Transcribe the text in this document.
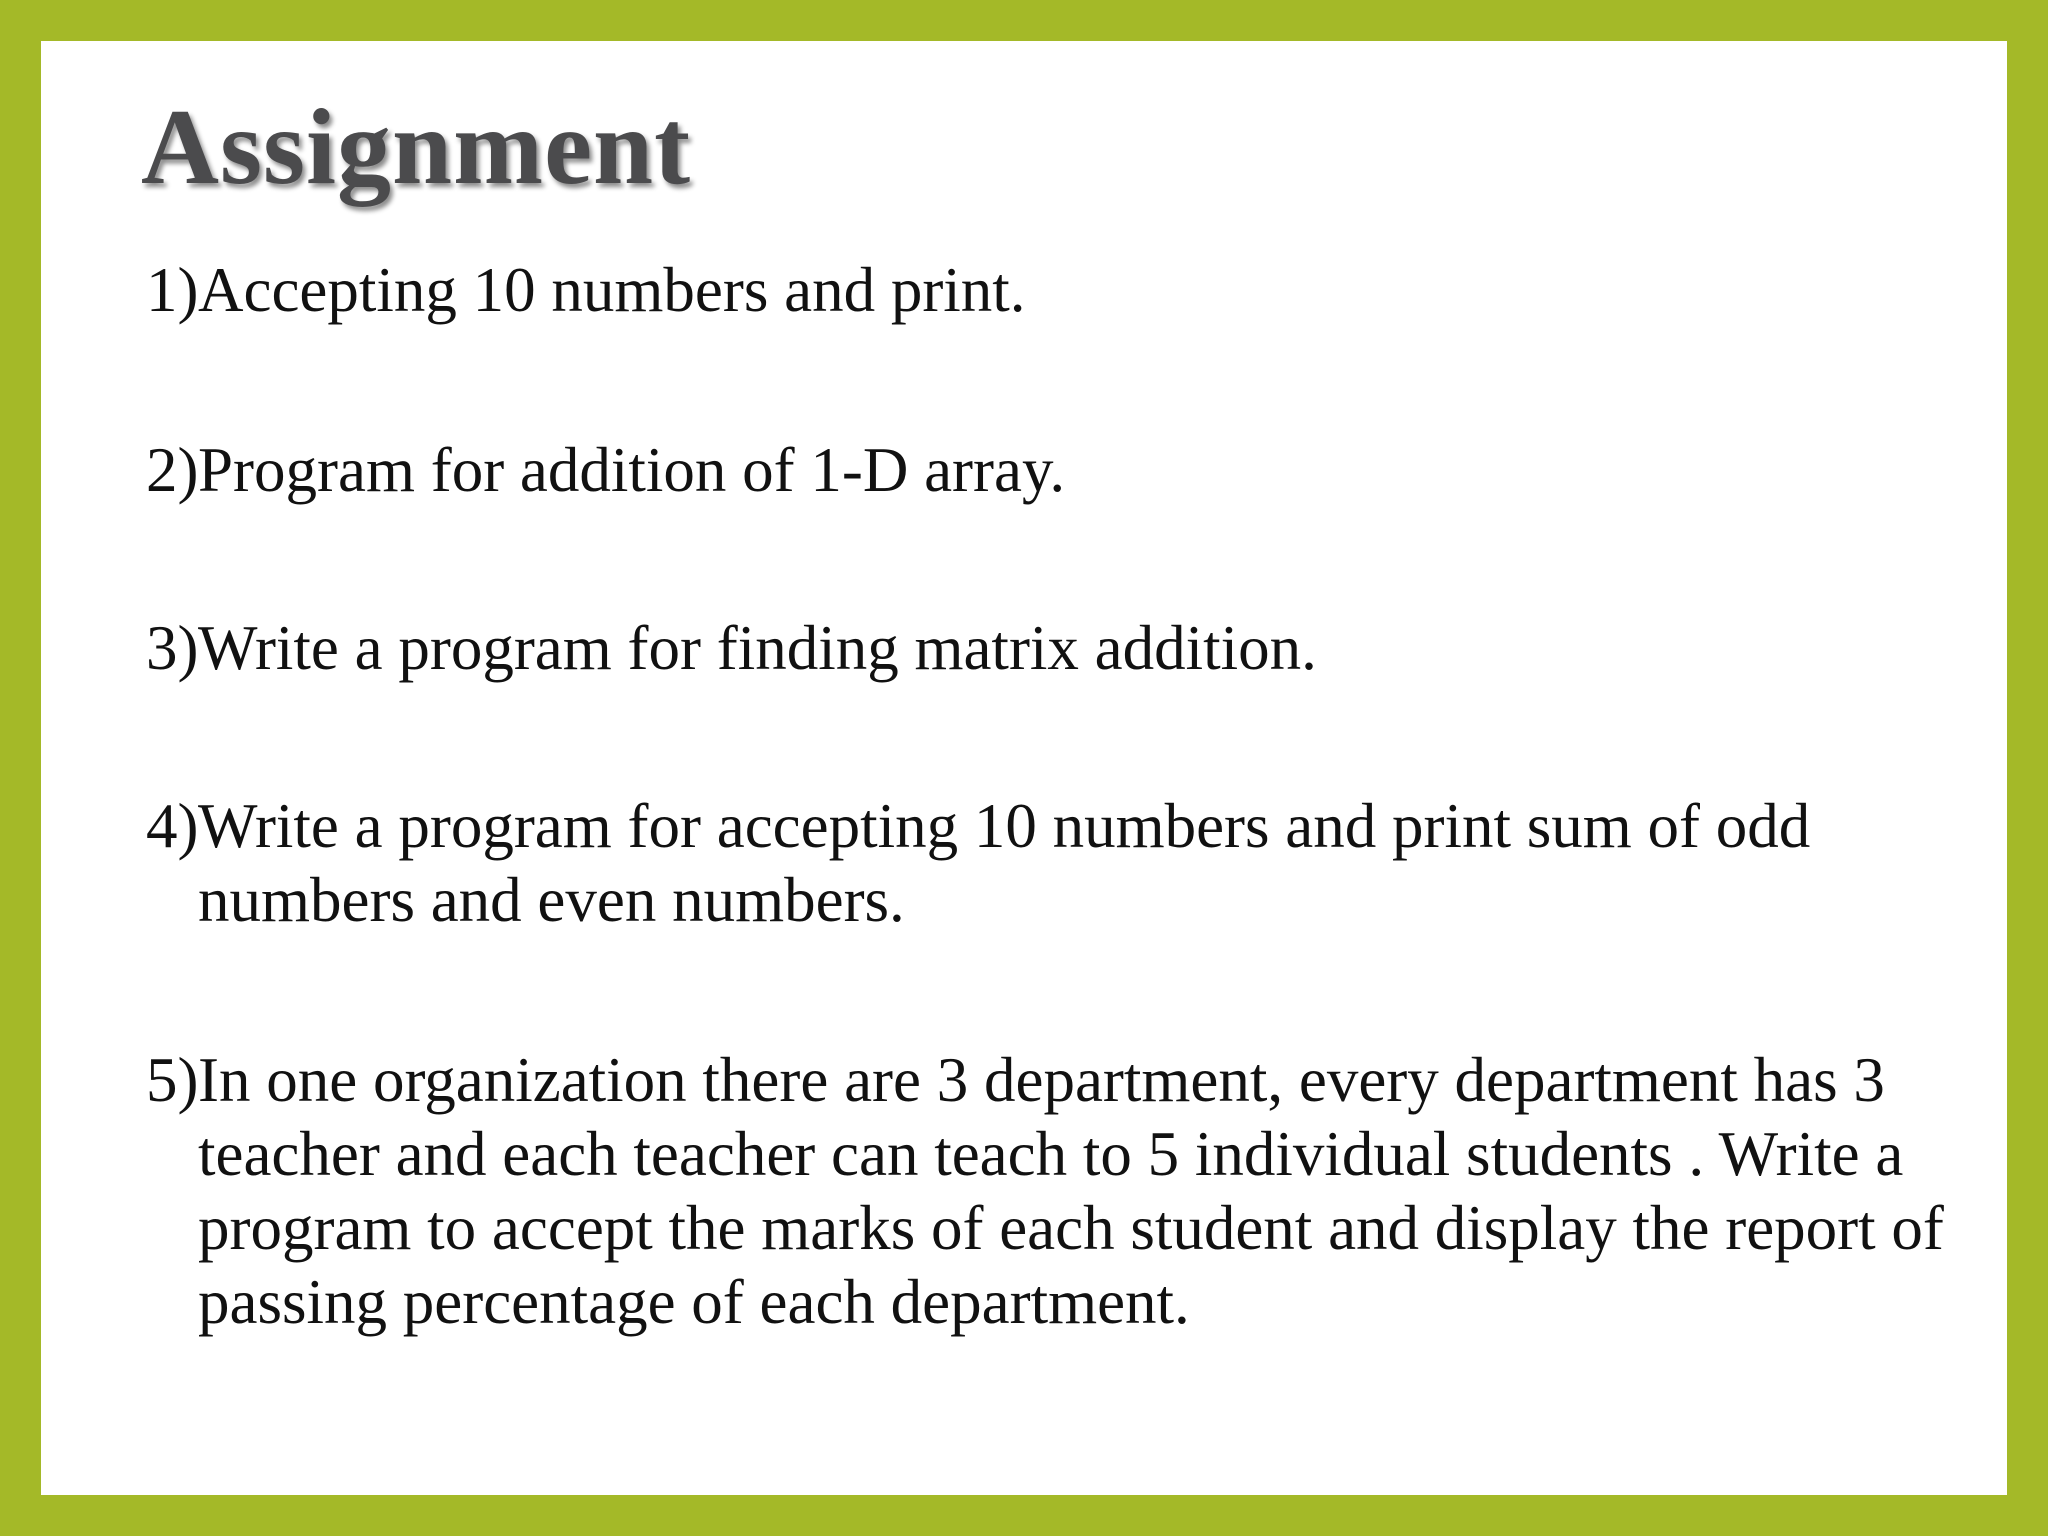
Assignment
1) Accepting 10 numbers and print.
2) Program for addition of 1-D array.
3) Write a program for finding matrix addition.
4) Write a program for accepting 10 numbers and print sum of odd numbers and even numbers.
5) In one organization there are 3 department, every department has 3 teacher and each teacher can teach to 5 individual students . Write a program to accept the marks of each student and display the report of passing percentage of each department.
